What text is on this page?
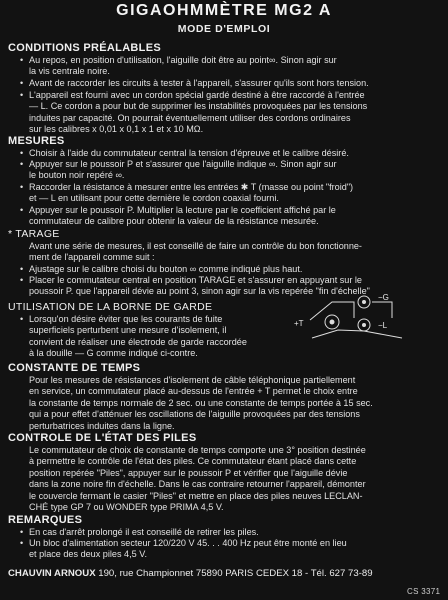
GIGAOHMMÈTRE MG2 A
MODE D'EMPLOI
CONDITIONS PRÉALABLES
• Au repos, en position d'utilisation, l'aiguille doit être au point∞. Sinon agir sur
la vis centrale noire.
• Avant de raccorder les circuits à tester à l'appareil, s'assurer qu'ils sont hors tension.
• L'appareil est fourni avec un cordon spécial gardé destiné à être raccordé à l'entrée
— L. Ce cordon a pour but de supprimer les instabilités provoquées par les tensions
induites par capacité. On pourrait éventuellement utiliser des cordons ordinaires
sur les calibres x 0,01 x 0,1 x 1 et x 10 MΩ.
MESURES
• Choisir à l'aide du commutateur central la tension d'épreuve et le calibre désiré.
• Appuyer sur le poussoir P et s'assurer que l'aiguille indique ∞. Sinon agir sur
le bouton noir repéré ∞.
• Raccorder la résistance à mesurer entre les entrées ✱ T (masse ou point "froid")
et — L en utilisant pour cette dernière le cordon coaxial fourni.
• Appuyer sur le poussoir P. Multiplier la lecture par le coefficient affiché par le
commutateur de calibre pour obtenir la valeur de la résistance mesurée.
* TARAGE
Avant une série de mesures, il est conseillé de faire un contrôle du bon fonctionne-
ment de l'appareil comme suit :
• Ajustage sur le calibre choisi du bouton ∞ comme indiqué plus haut.
• Placer le commutateur central en position TARAGE et s'assurer en appuyant sur le
poussoir P. que l'appareil dévie au point 3, sinon agir sur la vis repérée "fin d'échelle"
UTILISATION DE LA BORNE DE GARDE
• Lorsqu'on désire éviter que les courants de fuite
superficiels perturbent une mesure d'isolement, il
convient de réaliser une électrode de garde raccordée
à la douille — G comme indiqué ci-contre.
−G
+T	−L
CONSTANTE DE TEMPS
Pour les mesures de résistances d'isolement de câble téléphonique partiellement
en service, un commutateur placé au-dessus de l'entrée + T permet le choix entre
la constante de temps normale de 2 sec. ou une constante de temps portée à 15 sec.
qui a pour effet d'atténuer les oscillations de l'aiguille provoquées par des tensions
perturbatrices induites dans la ligne.
CONTROLE DE L'ÉTAT DES PILES
Le commutateur de choix de constante de temps comporte une 3° position destinée
à permettre le contrôle de l'état des piles. Ce commutateur étant placé dans cette
position repérée "Piles", appuyer sur le poussoir P et vérifier que l'aiguille dévie
dans la zone noire fin d'échelle. Dans le cas contraire retourner l'appareil, démonter
le couvercle fermant le casier "Piles" et mettre en place des piles neuves LECLAN-
CHÉ type GP 7 ou WONDER type PRIMA 4,5 V.
REMARQUES
• En cas d'arrêt prolongé il est conseillé de retirer les piles.
• Un bloc d'alimentation secteur 120/220 V 45. . . 400 Hz peut être monté en lieu
et place des deux piles 4,5 V.
CHAUVIN ARNOUX 190, rue Championnet 75890 PARIS CEDEX 18 - Tél. 627 73-89
CS 3371
